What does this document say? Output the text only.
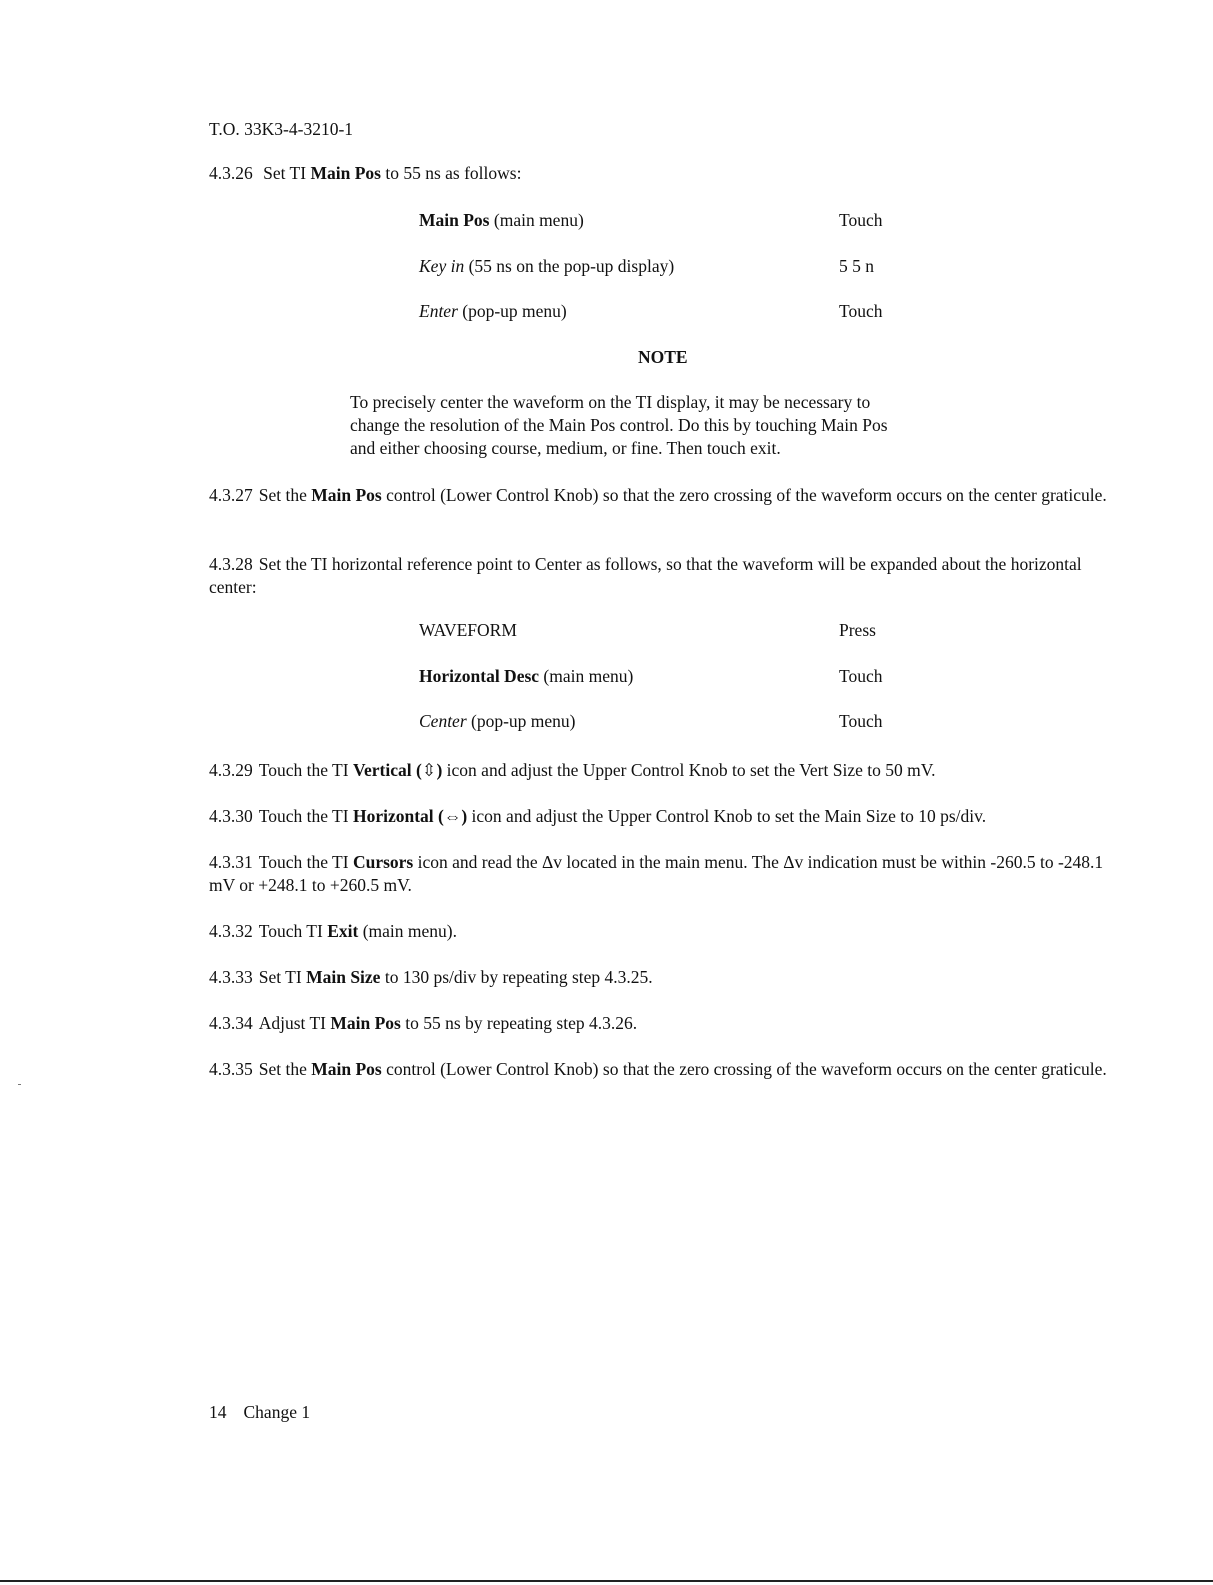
T.O. 33K3-4-3210-1
4.3.26 Set TI Main Pos to 55 ns as follows:
Main Pos (main menu)	Touch
Key in (55 ns on the pop-up display)	5 5 n
Enter (pop-up menu)	Touch
NOTE
To precisely center the waveform on the TI display, it may be necessary to
change the resolution of the Main Pos control. Do this by touching Main Pos
and either choosing course, medium, or fine. Then touch exit.
4.3.27 Set the Main Pos control (Lower Control Knob) so that the zero crossing of the waveform occurs on the center graticule.
4.3.28 Set the TI horizontal reference point to Center as follows, so that the waveform will be expanded about the horizontal center:
WAVEFORM	Press
Horizontal Desc (main menu)	Touch
Center (pop-up menu)	Touch
4.3.29 Touch the TI Vertical (⇳) icon and adjust the Upper Control Knob to set the Vert Size to 50 mV.
4.3.30 Touch the TI Horizontal (⇔) icon and adjust the Upper Control Knob to set the Main Size to 10 ps/div.
4.3.31 Touch the TI Cursors icon and read the Δv located in the main menu. The Δv indication must be within -260.5 to -248.1 mV or +248.1 to +260.5 mV.
4.3.32 Touch TI Exit (main menu).
4.3.33 Set TI Main Size to 130 ps/div by repeating step 4.3.25.
4.3.34 Adjust TI Main Pos to 55 ns by repeating step 4.3.26.
4.3.35 Set the Main Pos control (Lower Control Knob) so that the zero crossing of the waveform occurs on the center graticule.
14 Change 1
